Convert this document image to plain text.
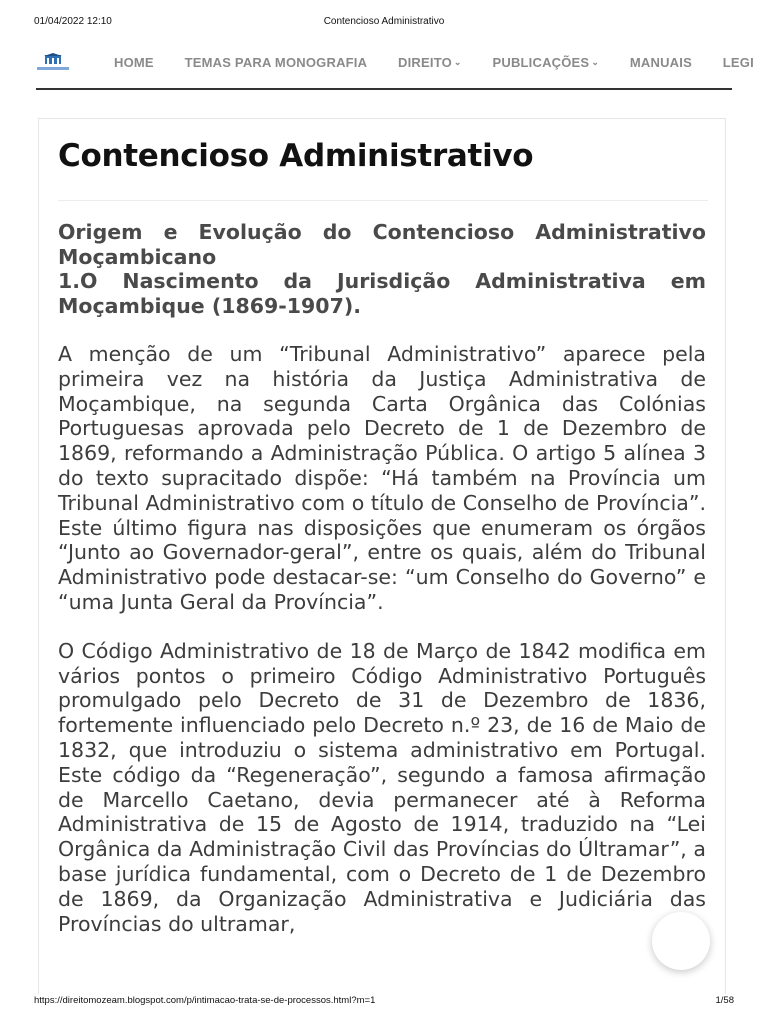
01/04/2022 12:10	Contencioso Administrativo
HOME TEMAS PARA MONOGRAFIA DIREITO ⌄ PUBLICAÇÕES ⌄ MANUAIS LEGI
Contencioso Administrativo
Origem e Evolução do Contencioso Administrativo Moçambicano
1.O Nascimento da Jurisdição Administrativa em Moçambique (1869-1907).

A menção de um “Tribunal Administrativo” aparece pela primeira vez na história da Justiça Administrativa de Moçambique, na segunda Carta Orgânica das Colónias Portuguesas aprovada pelo Decreto de 1 de Dezembro de 1869, reformando a Administração Pública. O artigo 5 alínea 3 do texto supracitado dispõe: “Há também na Província um Tribunal Administrativo com o título de Conselho de Província”. Este último figura nas disposições que enumeram os órgãos “Junto ao Governador-geral”, entre os quais, além do Tribunal Administrativo pode destacar-se: “um Conselho do Governo” e “uma Junta Geral da Província”.

O Código Administrativo de 18 de Março de 1842 modifica em vários pontos o primeiro Código Administrativo Português promulgado pelo Decreto de 31 de Dezembro de 1836, fortemente influenciado pelo Decreto n.º 23, de 16 de Maio de 1832, que introduziu o sistema administrativo em Portugal. Este código da “Regeneração”, segundo a famosa afirmação de Marcello Caetano, devia permanecer até à Reforma Administrativa de 15 de Agosto de 1914, traduzido na “Lei Orgânica da Administração Civil das Províncias do Últramar”, a base jurídica fundamental, com o Decreto de 1 de Dezembro de 1869, da Organização Administrativa e Judiciária das Províncias do ultramar,

https://direitomozeam.blogspot.com/p/intimacao-trata-se-de-processos.html?m=1	1/58
